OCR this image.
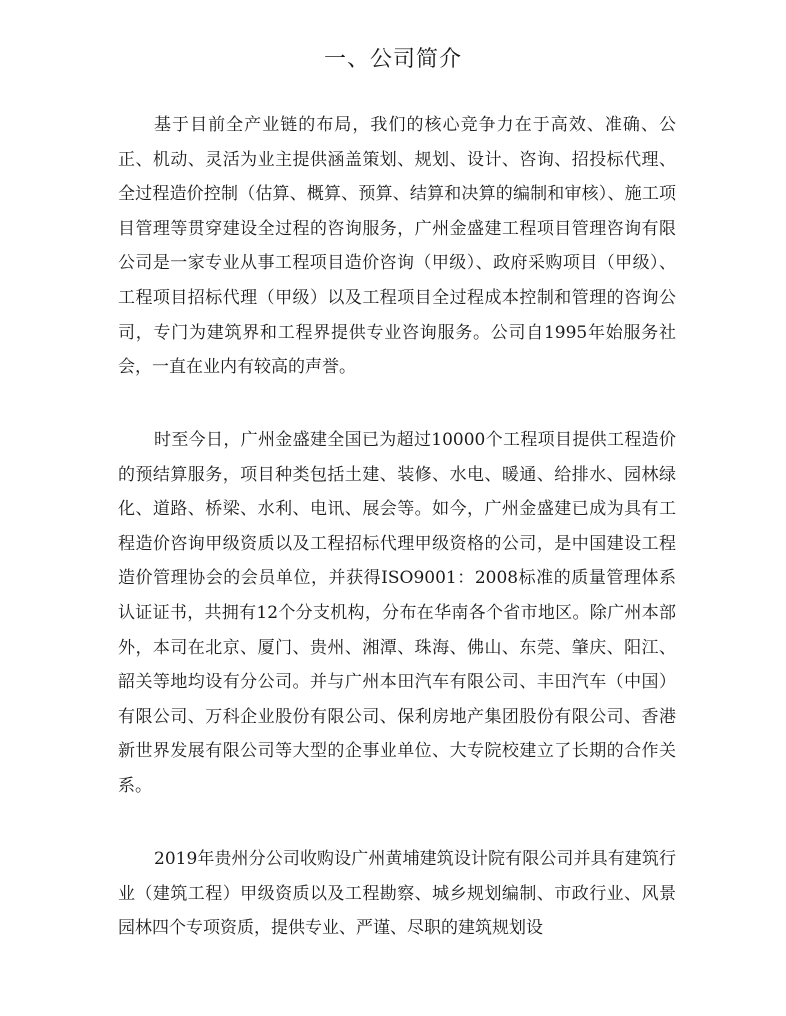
一、公司简介

基于目前全产业链的布局，我们的核心竞争力在于高效、准确、公正、机动、灵活为业主提供涵盖策划、规划、设计、咨询、招投标代理、全过程造价控制（估算、概算、预算、结算和决算的编制和审核）、施工项目管理等贯穿建设全过程的咨询服务，广州金盛建工程项目管理咨询有限公司是一家专业从事工程项目造价咨询（甲级）、政府采购项目（甲级）、工程项目招标代理（甲级）以及工程项目全过程成本控制和管理的咨询公司，专门为建筑界和工程界提供专业咨询服务。公司自1995年始服务社会，一直在业内有较高的声誉。

时至今日，广州金盛建全国已为超过10000个工程项目提供工程造价的预结算服务，项目种类包括土建、装修、水电、暖通、给排水、园林绿化、道路、桥梁、水利、电讯、展会等。如今，广州金盛建已成为具有工程造价咨询甲级资质以及工程招标代理甲级资格的公司，是中国建设工程造价管理协会的会员单位，并获得ISO9001：2008标准的质量管理体系认证证书，共拥有12个分支机构，分布在华南各个省市地区。除广州本部外，本司在北京、厦门、贵州、湘潭、珠海、佛山、东莞、肇庆、阳江、韶关等地均设有分公司。并与广州本田汽车有限公司、丰田汽车（中国）有限公司、万科企业股份有限公司、保利房地产集团股份有限公司、香港新世界发展有限公司等大型的企事业单位、大专院校建立了长期的合作关系。

2019年贵州分公司收购设广州黄埔建筑设计院有限公司并具有建筑行业（建筑工程）甲级资质以及工程勘察、城乡规划编制、市政行业、风景园林四个专项资质，提供专业、严谨、尽职的建筑规划设
